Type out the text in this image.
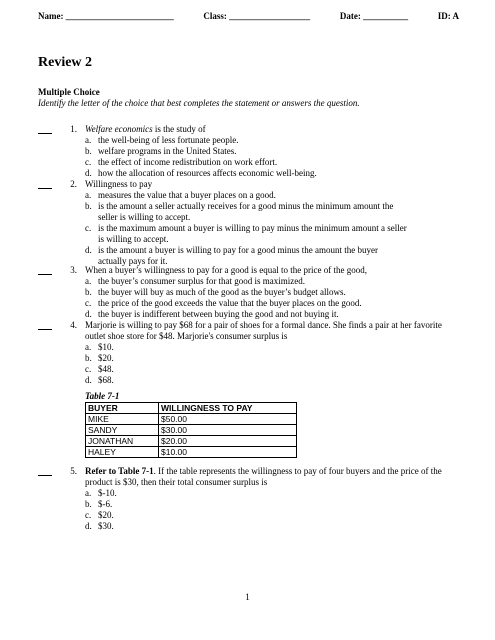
Name: ________________________	Class: __________________	Date: __________	ID: A
Review 2
Multiple Choice
Identify the letter of the choice that best completes the statement or answers the question.
1. Welfare economics is the study of
a. the well-being of less fortunate people.
b. welfare programs in the United States.
c. the effect of income redistribution on work effort.
d. how the allocation of resources affects economic well-being.
2. Willingness to pay
a. measures the value that a buyer places on a good.
b. is the amount a seller actually receives for a good minus the minimum amount the seller is willing to accept.
c. is the maximum amount a buyer is willing to pay minus the minimum amount a seller is willing to accept.
d. is the amount a buyer is willing to pay for a good minus the amount the buyer actually pays for it.
3. When a buyer’s willingness to pay for a good is equal to the price of the good,
a. the buyer’s consumer surplus for that good is maximized.
b. the buyer will buy as much of the good as the buyer’s budget allows.
c. the price of the good exceeds the value that the buyer places on the good.
d. the buyer is indifferent between buying the good and not buying it.
4. Marjorie is willing to pay $68 for a pair of shoes for a formal dance. She finds a pair at her favorite outlet shoe store for $48. Marjorie's consumer surplus is
a. $10.
b. $20.
c. $48.
d. $68.
Table 7-1
BUYER	WILLINGNESS TO PAY
MIKE	$50.00
SANDY	$30.00
JONATHAN	$20.00
HALEY	$10.00
5. Refer to Table 7-1. If the table represents the willingness to pay of four buyers and the price of the product is $30, then their total consumer surplus is
a. $-10.
b. $-6.
c. $20.
d. $30.
1
